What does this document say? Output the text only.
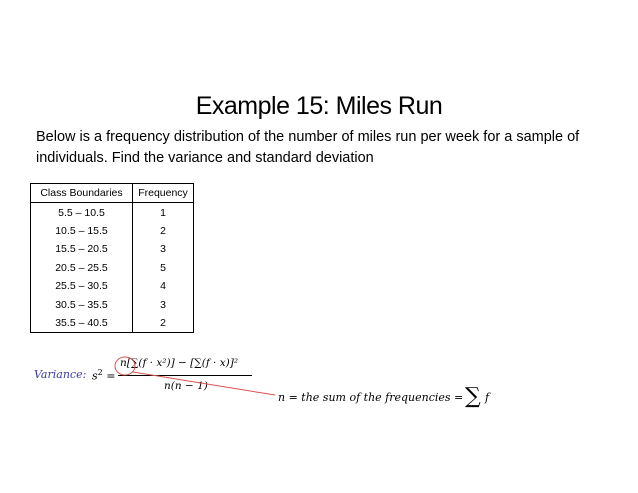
Example 15: Miles Run
Below is a frequency distribution of the number of miles run per week for a sample of individuals. Find the variance and standard deviation
Class Boundaries	Frequency
5.5 – 10.5	1
10.5 – 15.5	2
15.5 – 20.5	3
20.5 – 25.5	5
25.5 – 30.5	4
30.5 – 35.5	3
35.5 – 40.5	2
Variance: $s^2$ =
n[∑(f · x²)] − [∑(f · x)]²
n(n − 1)
n = the sum of the frequencies = ∑ f
